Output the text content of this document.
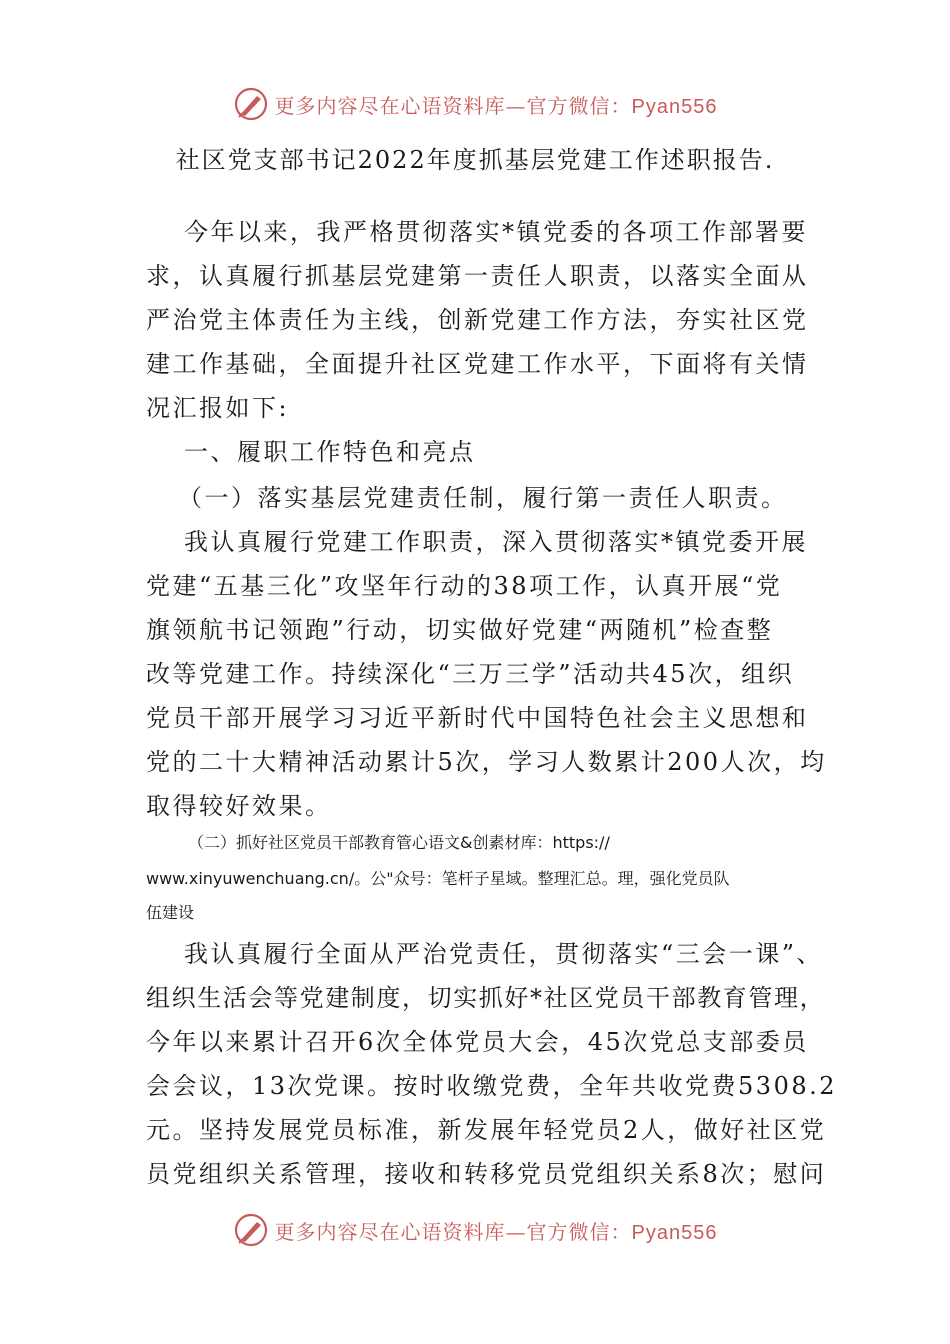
更多内容尽在心语资料库—官方微信：Pyan556
社区党支部书记2022年度抓基层党建工作述职报告.
今年以来，我严格贯彻落实*镇党委的各项工作部署要
求，认真履行抓基层党建第一责任人职责，以落实全面从
严治党主体责任为主线，创新党建工作方法，夯实社区党
建工作基础，全面提升社区党建工作水平，下面将有关情
况汇报如下:
一、履职工作特色和亮点
（一）落实基层党建责任制，履行第一责任人职责。
我认真履行党建工作职责，深入贯彻落实*镇党委开展
党建“五基三化”攻坚年行动的38项工作，认真开展“党
旗领航书记领跑”行动，切实做好党建“两随机”检查整
改等党建工作。持续深化“三万三学”活动共45次，组织
党员干部开展学习习近平新时代中国特色社会主义思想和
党的二十大精神活动累计5次，学习人数累计200人次，均
取得较好效果。
（二）抓好社区党员干部教育管心语文&创素材库：https://
www.xinyuwenchuang.cn/。公"众号：笔杆子星域。整理汇总。理，强化党员队
伍建设
我认真履行全面从严治党责任，贯彻落实“三会一课”、
组织生活会等党建制度，切实抓好*社区党员干部教育管理，
今年以来累计召开6次全体党员大会，45次党总支部委员
会会议，13次党课。按时收缴党费，全年共收党费5308.2
元。坚持发展党员标准，新发展年轻党员2人，做好社区党
员党组织关系管理，接收和转移党员党组织关系8次；慰问
更多内容尽在心语资料库—官方微信：Pyan556
